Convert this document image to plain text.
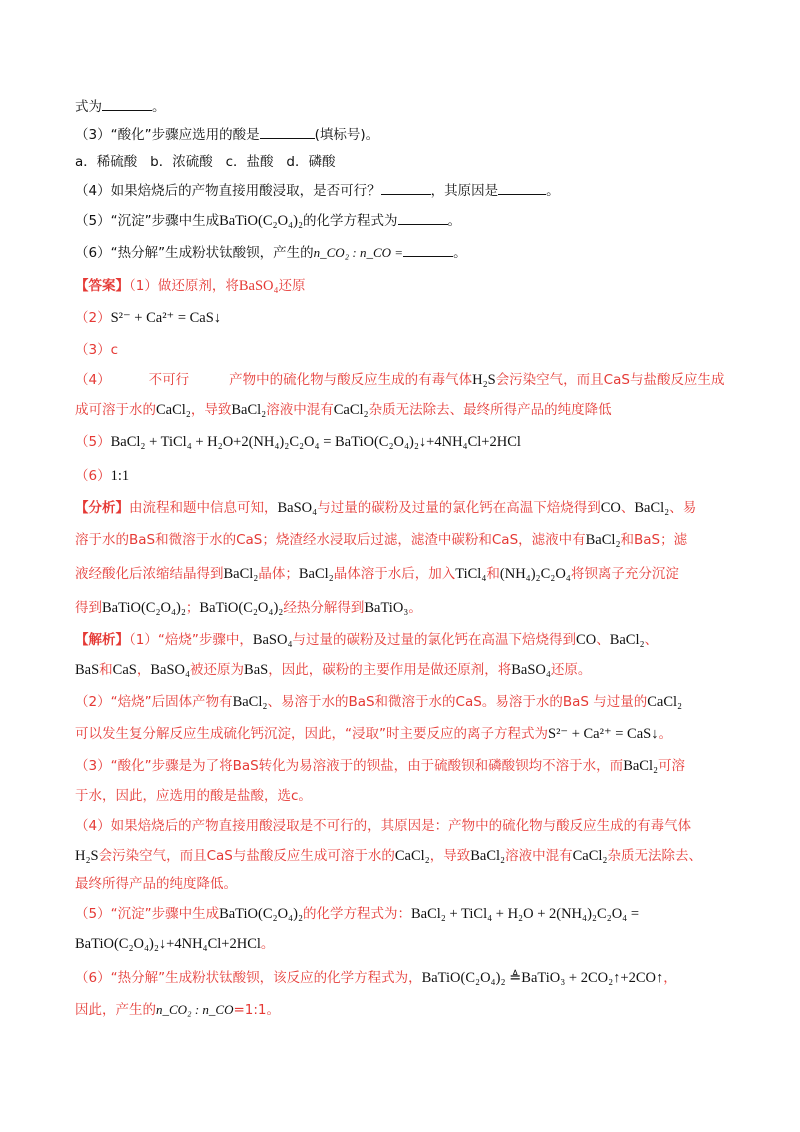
式为	。
（3）“酸化”步骤应选用的酸是	(填标号)。
a．稀硫酸   b．浓硫酸   c．盐酸   d．磷酸
（4）如果焙烧后的产物直接用酸浸取，是否可行？	，其原因是	。
（5）“沉淀”步骤中生成BaTiO(C₂O₄)₂的化学方程式为	。
（6）“热分解”生成粉状钛酸钡，产生的n_CO₂ : n_CO =	。
【答案】（1）做还原剂，将BaSO₄还原
（2）S²⁻ + Ca²⁺ = CaS↓
（3）c
（4）	不可行	产物中的硫化物与酸反应生成的有毒气体H₂S会污染空气，而且CaS与盐酸反应生成
成可溶于水的CaCl₂，导致BaCl₂溶液中混有CaCl₂杂质无法除去、最终所得产品的纯度降低
（5）BaCl₂ + TiCl₄ + H₂O+2(NH₄)₂C₂O₄ = BaTiO(C₂O₄)₂↓+4NH₄Cl+2HCl
（6）1:1
【分析】由流程和题中信息可知，BaSO₄与过量的碳粉及过量的氯化钙在高温下焙烧得到CO、BaCl₂、易
溶于水的BaS和微溶于水的CaS；烧渣经水浸取后过滤，滤渣中碳粉和CaS，滤液中有BaCl₂和BaS；滤
液经酸化后浓缩结晶得到BaCl₂晶体；BaCl₂晶体溶于水后，加入TiCl₄和(NH₄)₂C₂O₄将钡离子充分沉淀
得到BaTiO(C₂O₄)₂；BaTiO(C₂O₄)₂经热分解得到BaTiO₃。
【解析】（1）“焙烧”步骤中，BaSO₄与过量的碳粉及过量的氯化钙在高温下焙烧得到CO、BaCl₂、
BaS和CaS，BaSO₄被还原为BaS，因此，碳粉的主要作用是做还原剂，将BaSO₄还原。
（2）“焙烧”后固体产物有BaCl₂、易溶于水的BaS和微溶于水的CaS。易溶于水的BaS 与过量的CaCl₂
可以发生复分解反应生成硫化钙沉淀，因此，“浸取”时主要反应的离子方程式为S²⁻ + Ca²⁺ = CaS↓。
（3）“酸化”步骤是为了将BaS转化为易溶液于的钡盐，由于硫酸钡和磷酸钡均不溶于水，而BaCl₂可溶
于水，因此，应选用的酸是盐酸，选c。
（4）如果焙烧后的产物直接用酸浸取是不可行的，其原因是：产物中的硫化物与酸反应生成的有毒气体
H₂S会污染空气，而且CaS与盐酸反应生成可溶于水的CaCl₂，导致BaCl₂溶液中混有CaCl₂杂质无法除去、
最终所得产品的纯度降低。
（5）“沉淀”步骤中生成BaTiO(C₂O₄)₂的化学方程式为：BaCl₂ + TiCl₄ + H₂O + 2(NH₄)₂C₂O₄ =
BaTiO(C₂O₄)₂↓+4NH₄Cl+2HCl。
（6）“热分解”生成粉状钛酸钡，该反应的化学方程式为，BaTiO(C₂O₄)₂ ≜BaTiO₃ + 2CO₂↑+2CO↑，
因此，产生的n_CO₂ : n_CO=1:1。
